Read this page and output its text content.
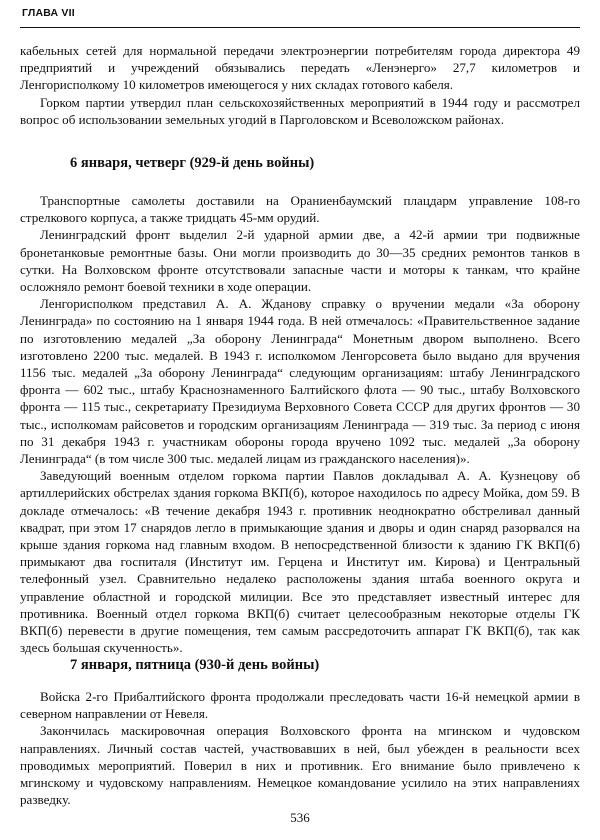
ГЛАВА VII

кабельных сетей для нормальной передачи электроэнергии потребителям города директора 49 предприятий и учреждений обязывались передать «Ленэнерго» 27,7 километров и Ленгорисполкому 10 километров имеющегося у них складах готового кабеля.

Горком партии утвердил план сельскохозяйственных мероприятий в 1944 году и рассмотрел вопрос об использовании земельных угодий в Парголовском и Всеволожском районах.

6 января, четверг (929-й день войны)

Транспортные самолеты доставили на Ораниенбаумский плацдарм управление 108-го стрелкового корпуса, а также тридцать 45-мм орудий.

Ленинградский фронт выделил 2-й ударной армии две, а 42-й армии три подвижные бронетанковые ремонтные базы. Они могли производить до 30—35 средних ремонтов танков в сутки. На Волховском фронте отсутствовали запасные части и моторы к танкам, что крайне осложняло ремонт боевой техники в ходе операции.

Ленгорисполком представил А. А. Жданову справку о вручении медали «За оборону Ленинграда» по состоянию на 1 января 1944 года. В ней отмечалось: «Правительственное задание по изготовлению медалей „За оборону Ленинграда“ Монетным двором выполнено. Всего изготовлено 2200 тыс. медалей. В 1943 г. исполкомом Ленгорсовета было выдано для вручения 1156 тыс. медалей „За оборону Ленинграда“ следующим организациям: штабу Ленинградского фронта — 602 тыс., штабу Краснознаменного Балтийского флота — 90 тыс., штабу Волховского фронта — 115 тыс., секретариату Президиума Верховного Совета СССР для других фронтов — 30 тыс., исполкомам райсоветов и городским организациям Ленинграда — 319 тыс. За период с июня по 31 декабря 1943 г. участникам обороны города вручено 1092 тыс. медалей „За оборону Ленинграда“ (в том числе 300 тыс. медалей лицам из гражданского населения)».

Заведующий военным отделом горкома партии Павлов докладывал А. А. Кузнецову об артиллерийских обстрелах здания горкома ВКП(б), которое находилось по адресу Мойка, дом 59. В докладе отмечалось: «В течение декабря 1943 г. противник неоднократно обстреливал данный квадрат, при этом 17 снарядов легло в примыкающие здания и дворы и один снаряд разорвался на крыше здания горкома над главным входом. В непосредственной близости к зданию ГК ВКП(б) примыкают два госпиталя (Институт им. Герцена и Институт им. Кирова) и Центральный телефонный узел. Сравнительно недалеко расположены здания штаба военного округа и управление областной и городской милиции. Все это представляет известный интерес для противника. Военный отдел горкома ВКП(б) считает целесообразным некоторые отделы ГК ВКП(б) перевести в другие помещения, тем самым рассредоточить аппарат ГК ВКП(б), так как здесь большая скученность».

7 января, пятница (930-й день войны)

Войска 2-го Прибалтийского фронта продолжали преследовать части 16-й немецкой армии в северном направлении от Невеля.

Закончилась маскировочная операция Волховского фронта на мгинском и чудовском направлениях. Личный состав частей, участвовавших в ней, был убежден в реальности всех проводимых мероприятий. Поверил в них и противник. Его внимание было привлечено к мгинскому и чудовскому направлениям. Немецкое командование усилило на этих направлениях разведку.

536
